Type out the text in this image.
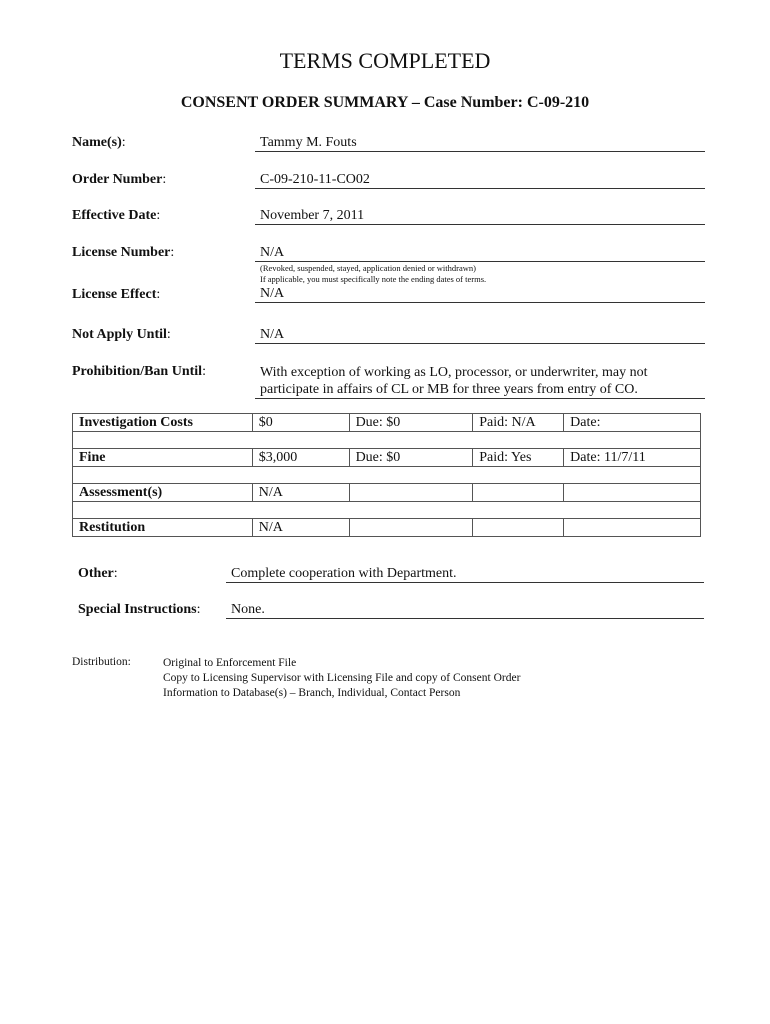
TERMS COMPLETED
CONSENT ORDER SUMMARY – Case Number: C-09-210
Name(s):	Tammy M. Fouts
Order Number:	C-09-210-11-CO02
Effective Date:	November 7, 2011
License Number:	N/A
(Revoked, suspended, stayed, application denied or withdrawn)
If applicable, you must specifically note the ending dates of terms.
License Effect:	N/A
Not Apply Until:	N/A
Prohibition/Ban Until:	With exception of working as LO, processor, or underwriter, may not
participate in affairs of CL or MB for three years from entry of CO.
Investigation Costs	$0	Due: $0	Paid: N/A	Date:

Fine	$3,000	Due: $0	Paid: Yes	Date: 11/7/11

Assessment(s)	N/A			

Restitution	N/A			
Other:	Complete cooperation with Department.
Special Instructions:	None.
Distribution:	Original to Enforcement File
Copy to Licensing Supervisor with Licensing File and copy of Consent Order
Information to Database(s) – Branch, Individual, Contact Person
